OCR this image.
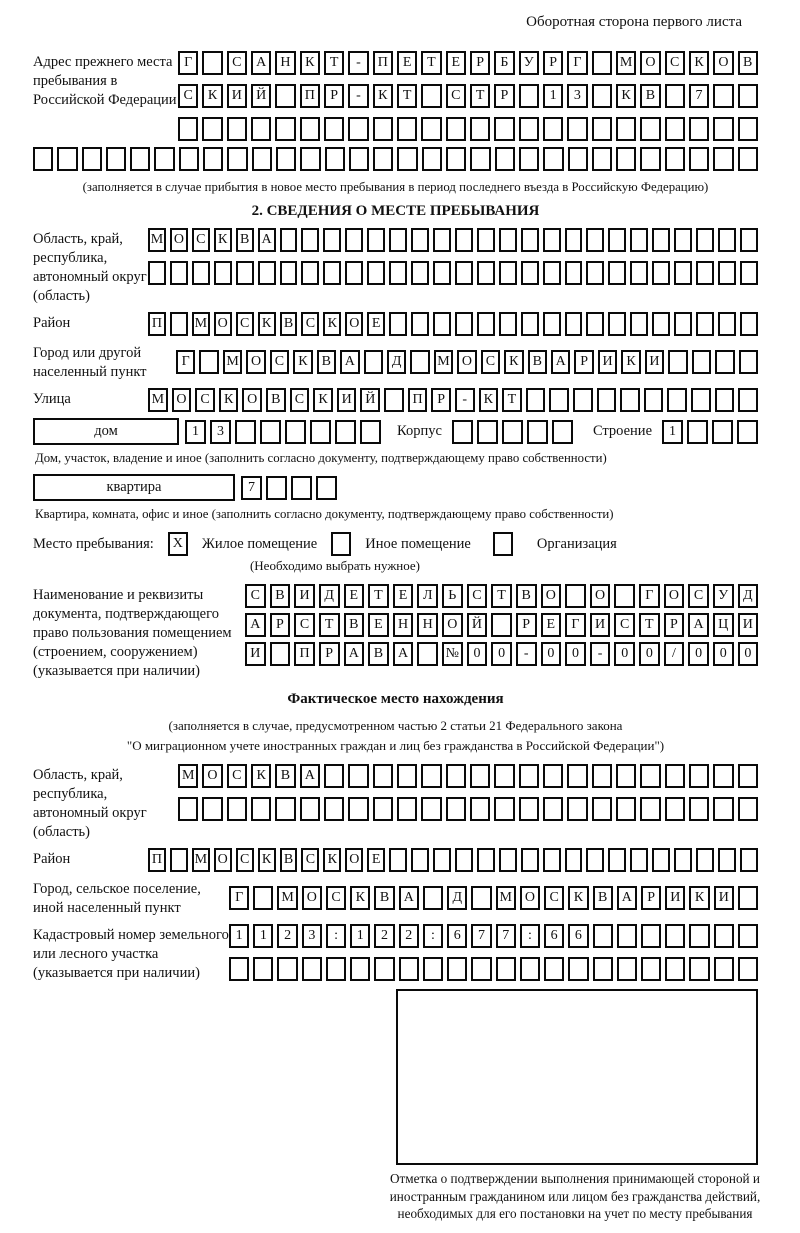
Оборотная сторона первого листа
Адрес прежнего места пребывания в Российской Федерации
Г	С	А	Н	К	Т	-	П	Е	Т	Е	Р	Б	У	Р	Г	М О	С	К	О	В
С	К	И	Й	П	Р	-	К	Т	С	Т	Р	1	3	К	В	7
(заполняется в случае прибытия в новое место пребывания в период последнего въезда в Российскую Федерацию)
2. СВЕДЕНИЯ О МЕСТЕ ПРЕБЫВАНИЯ
Область, край, республика, автономный округ (область)
М О С К В А
Район	П М О С К В С К О Е
Город или другой населенный пункт
Г	М О С	К	В А	Д	М О С	К	В А	Р	И К И
Улица	М О С	К О В	С	К И Й	П	Р	-	К	Т
дом	1	3	Корпус	Строение	1
Дом, участок, владение и иное (заполнить согласно документу, подтверждающему право собственности)
квартира	7
Квартира, комната, офис и иное (заполнить согласно документу, подтверждающему право собственности)
Место пребывания:	X	Жилое помещение	Иное помещение	Организация
(Необходимо выбрать нужное)
Наименование и реквизиты документа, подтверждающего право пользования помещением (строением, сооружением) (указывается при наличии)
С	В	И	Д	Е	Т	Е	Л	Ь	С	Т	В	О	О	Г	О	С	У	Д
А	Р	С	Т	В	Е	Н	Н	О	Й	Р	Е	Г	И	С	Т	Р	А	Ц	И
И	П	Р	А	В	А	№	0	0	-	0	0	-	0	0	/	0	0	0
Фактическое место нахождения
(заполняется в случае, предусмотренном частью 2 статьи 21 Федерального закона
"О миграционном учете иностранных граждан и лиц без гражданства в Российской Федерации")
Область, край, республика, автономный округ (область)
М О	С	К	В	А
Район	П М О С К В С К О Е
Город, сельское поселение, иной населенный пункт
Г	М О	С	К	В	А	Д	М О	С	К	В	А	Р	И	К	И
Кадастровый номер земельного или лесного участка (указывается при наличии)
1	1	2	3	:	1	2	2	:	6	7	7	:	6	6
Отметка о подтверждении выполнения принимающей стороной и иностранным гражданином или лицом без гражданства действий, необходимых для его постановки на учет по месту пребывания
